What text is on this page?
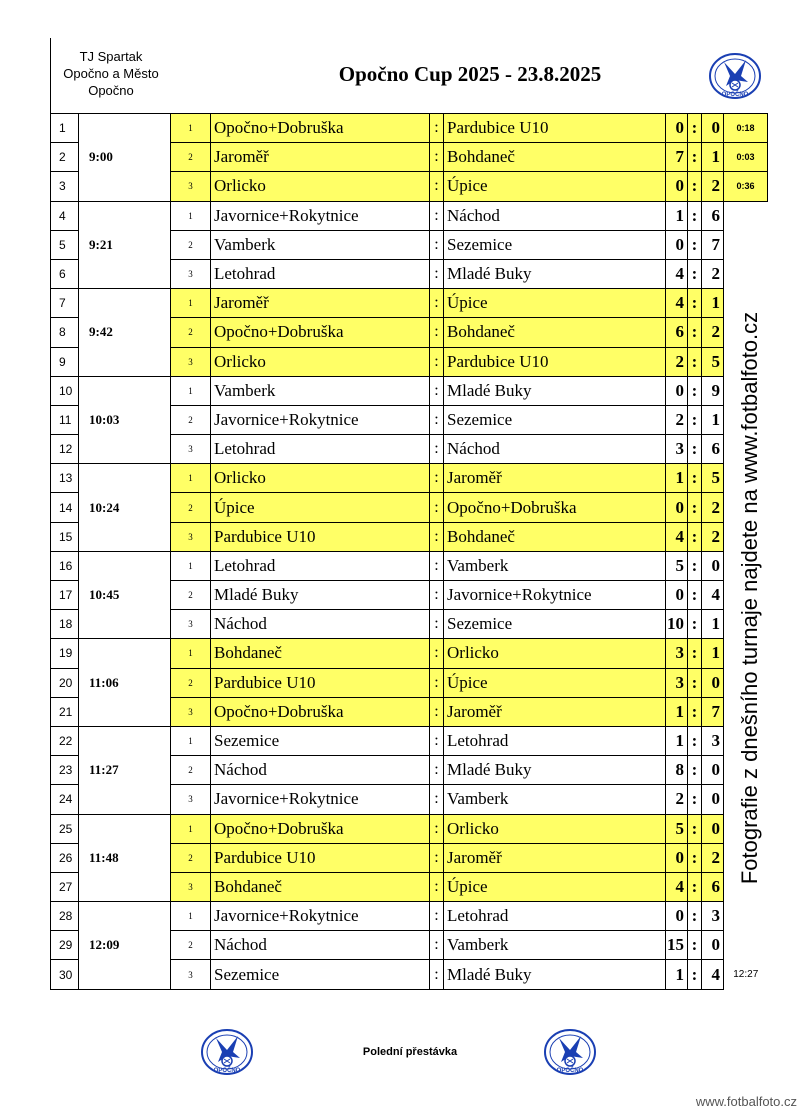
TJ Spartak
Opočno a Město
Opočno
Opočno Cup 2025 - 23.8.2025
OPOČNO
1	9:00	1	Opočno+Dobruška	:	Pardubice U10	0	:	0	0:18
2		2	Jaroměř	:	Bohdaneč	7	:	1	0:03
3		3	Orlicko	:	Úpice	0	:	2	0:36
4	9:21	1	Javornice+Rokytnice	:	Náchod	1	:	6	
5		2	Vamberk	:	Sezemice	0	:	7	
6		3	Letohrad	:	Mladé Buky	4	:	2	
7	9:42	1	Jaroměř	:	Úpice	4	:	1	
8		2	Opočno+Dobruška	:	Bohdaneč	6	:	2	
9		3	Orlicko	:	Pardubice U10	2	:	5	
10	10:03	1	Vamberk	:	Mladé Buky	0	:	9	
11		2	Javornice+Rokytnice	:	Sezemice	2	:	1	
12		3	Letohrad	:	Náchod	3	:	6	
13	10:24	1	Orlicko	:	Jaroměř	1	:	5	
14		2	Úpice	:	Opočno+Dobruška	0	:	2	
15		3	Pardubice U10	:	Bohdaneč	4	:	2	
16	10:45	1	Letohrad	:	Vamberk	5	:	0	
17		2	Mladé Buky	:	Javornice+Rokytnice	0	:	4	
18		3	Náchod	:	Sezemice	10	:	1	
19	11:06	1	Bohdaneč	:	Orlicko	3	:	1	
20		2	Pardubice U10	:	Úpice	3	:	0	
21		3	Opočno+Dobruška	:	Jaroměř	1	:	7	
22	11:27	1	Sezemice	:	Letohrad	1	:	3	
23		2	Náchod	:	Mladé Buky	8	:	0	
24		3	Javornice+Rokytnice	:	Vamberk	2	:	0	
25	11:48	1	Opočno+Dobruška	:	Orlicko	5	:	0	
26		2	Pardubice U10	:	Jaroměř	0	:	2	
27		3	Bohdaneč	:	Úpice	4	:	6	
28	12:09	1	Javornice+Rokytnice	:	Letohrad	0	:	3	
29		2	Náchod	:	Vamberk	15	:	0	
30		3	Sezemice	:	Mladé Buky	1	:	4	12:27
Fotografie z dnešního turnaje najdete na www.fotbalfoto.cz
OPOČNO
Polední přestávka
OPOČNO
www.fotbalfoto.cz
